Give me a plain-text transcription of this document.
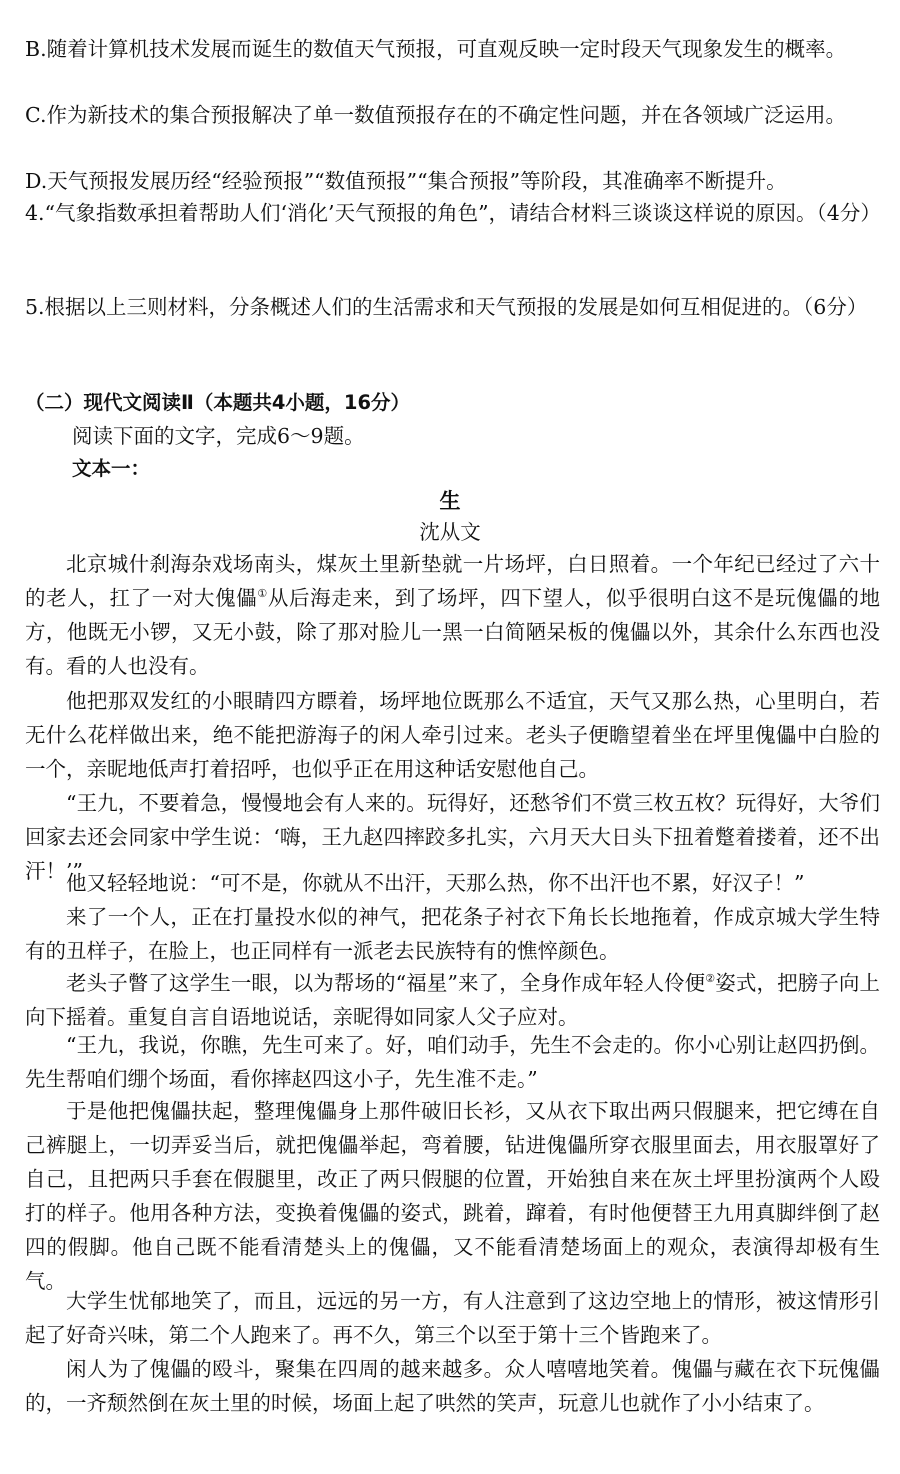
B.随着计算机技术发展而诞生的数值天气预报，可直观反映一定时段天气现象发生的概率。

C.作为新技术的集合预报解决了单一数值预报存在的不确定性问题，并在各领域广泛运用。

D.天气预报发展历经“经验预报”“数值预报”“集合预报”等阶段，其准确率不断提升。

4.“气象指数承担着帮助人们‘消化’天气预报的角色”，请结合材料三谈谈这样说的原因。（4分）

5.根据以上三则材料，分条概述人们的生活需求和天气预报的发展是如何互相促进的。（6分）

（二）现代文阅读Ⅱ（本题共4小题，16分）

阅读下面的文字，完成6～9题。

文本一：

生

沈从文

北京城什刹海杂戏场南头，煤灰土里新垫就一片场坪，白日照着。一个年纪已经过了六十的老人，扛了一对大傀儡①从后海走来，到了场坪，四下望人，似乎很明白这不是玩傀儡的地方，他既无小锣，又无小鼓，除了那对脸儿一黑一白简陋呆板的傀儡以外，其余什么东西也没有。看的人也没有。

他把那双发红的小眼睛四方瞟着，场坪地位既那么不适宜，天气又那么热，心里明白，若无什么花样做出来，绝不能把游海子的闲人牵引过来。老头子便瞻望着坐在坪里傀儡中白脸的一个，亲昵地低声打着招呼，也似乎正在用这种话安慰他自己。

“王九，不要着急，慢慢地会有人来的。玩得好，还愁爷们不赏三枚五枚？玩得好，大爷们回家去还会同家中学生说：‘嗨，王九赵四摔跤多扎实，六月天大日头下扭着蹩着搂着，还不出汗！’”

他又轻轻地说：“可不是，你就从不出汗，天那么热，你不出汗也不累，好汉子！”

来了一个人，正在打量投水似的神气，把花条子衬衣下角长长地拖着，作成京城大学生特有的丑样子，在脸上，也正同样有一派老去民族特有的憔悴颜色。

老头子瞥了这学生一眼，以为帮场的“福星”来了，全身作成年轻人伶便②姿式，把膀子向上向下摇着。重复自言自语地说话，亲昵得如同家人父子应对。

“王九，我说，你瞧，先生可来了。好，咱们动手，先生不会走的。你小心别让赵四扔倒。先生帮咱们绷个场面，看你摔赵四这小子，先生准不走。”

于是他把傀儡扶起，整理傀儡身上那件破旧长衫，又从衣下取出两只假腿来，把它缚在自己裤腿上，一切弄妥当后，就把傀儡举起，弯着腰，钻进傀儡所穿衣服里面去，用衣服罩好了自己，且把两只手套在假腿里，改正了两只假腿的位置，开始独自来在灰土坪里扮演两个人殴打的样子。他用各种方法，变换着傀儡的姿式，跳着，蹿着，有时他便替王九用真脚绊倒了赵四的假脚。他自己既不能看清楚头上的傀儡，又不能看清楚场面上的观众，表演得却极有生气。

大学生忧郁地笑了，而且，远远的另一方，有人注意到了这边空地上的情形，被这情形引起了好奇兴味，第二个人跑来了。再不久，第三个以至于第十三个皆跑来了。

闲人为了傀儡的殴斗，聚集在四周的越来越多。众人嘻嘻地笑着。傀儡与藏在衣下玩傀儡的，一齐颓然倒在灰土里的时候，场面上起了哄然的笑声，玩意儿也就作了小小结束了。
